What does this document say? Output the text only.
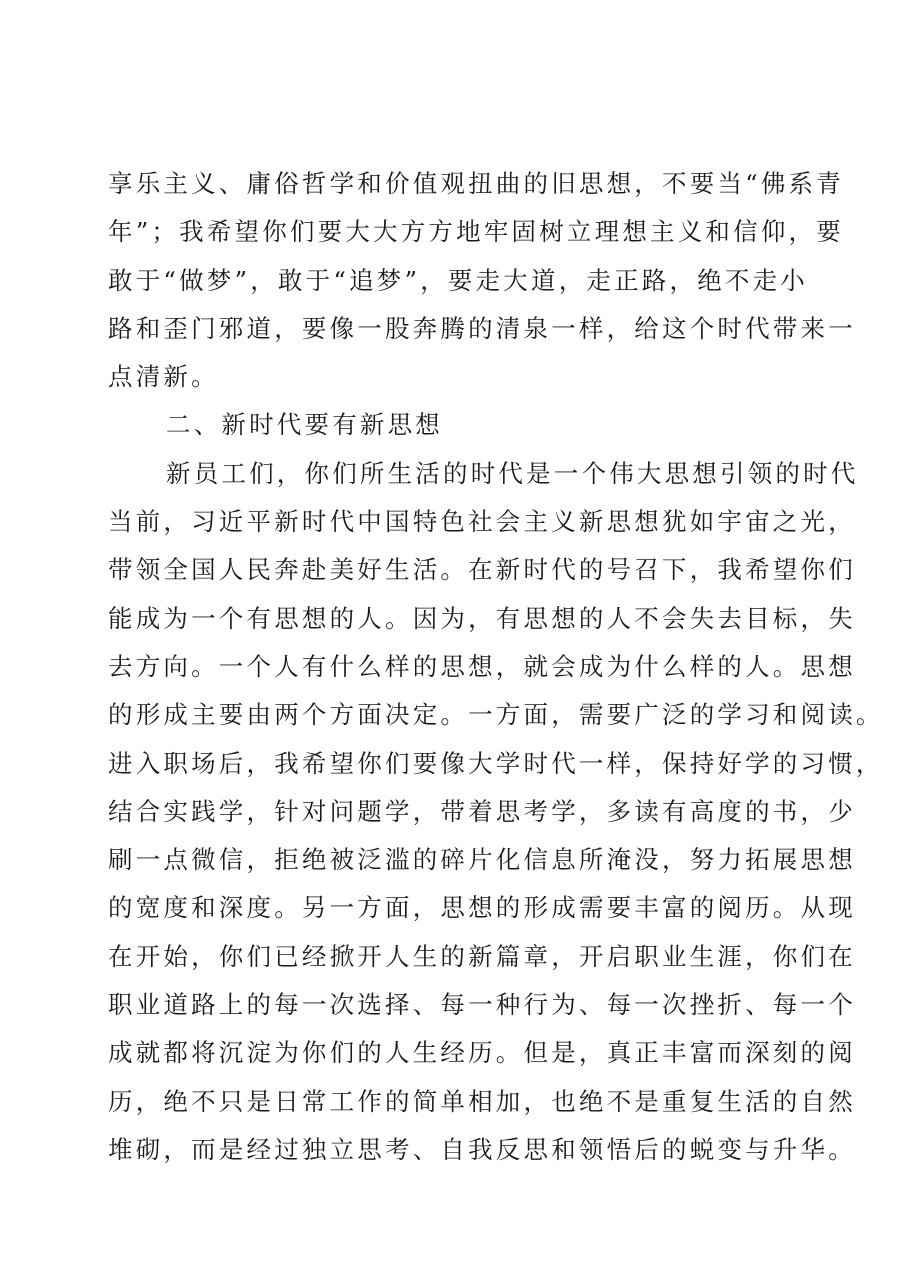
享乐主义、庸俗哲学和价值观扭曲的旧思想，不要当“佛系青
年”；我希望你们要大大方方地牢固树立理想主义和信仰，要
敢于“做梦”，敢于“追梦”，要走大道，走正路，绝不走小
路和歪门邪道，要像一股奔腾的清泉一样，给这个时代带来一
点清新。
二、新时代要有新思想
新员工们，你们所生活的时代是一个伟大思想引领的时代
当前，习近平新时代中国特色社会主义新思想犹如宇宙之光，
带领全国人民奔赴美好生活。在新时代的号召下，我希望你们
能成为一个有思想的人。因为，有思想的人不会失去目标，失
去方向。一个人有什么样的思想，就会成为什么样的人。思想
的形成主要由两个方面决定。一方面，需要广泛的学习和阅读。
进入职场后，我希望你们要像大学时代一样，保持好学的习惯，
结合实践学，针对问题学，带着思考学，多读有高度的书，少
刷一点微信，拒绝被泛滥的碎片化信息所淹没，努力拓展思想
的宽度和深度。另一方面，思想的形成需要丰富的阅历。从现
在开始，你们已经掀开人生的新篇章，开启职业生涯，你们在
职业道路上的每一次选择、每一种行为、每一次挫折、每一个
成就都将沉淀为你们的人生经历。但是，真正丰富而深刻的阅
历，绝不只是日常工作的简单相加，也绝不是重复生活的自然
堆砌，而是经过独立思考、自我反思和领悟后的蜕变与升华。
